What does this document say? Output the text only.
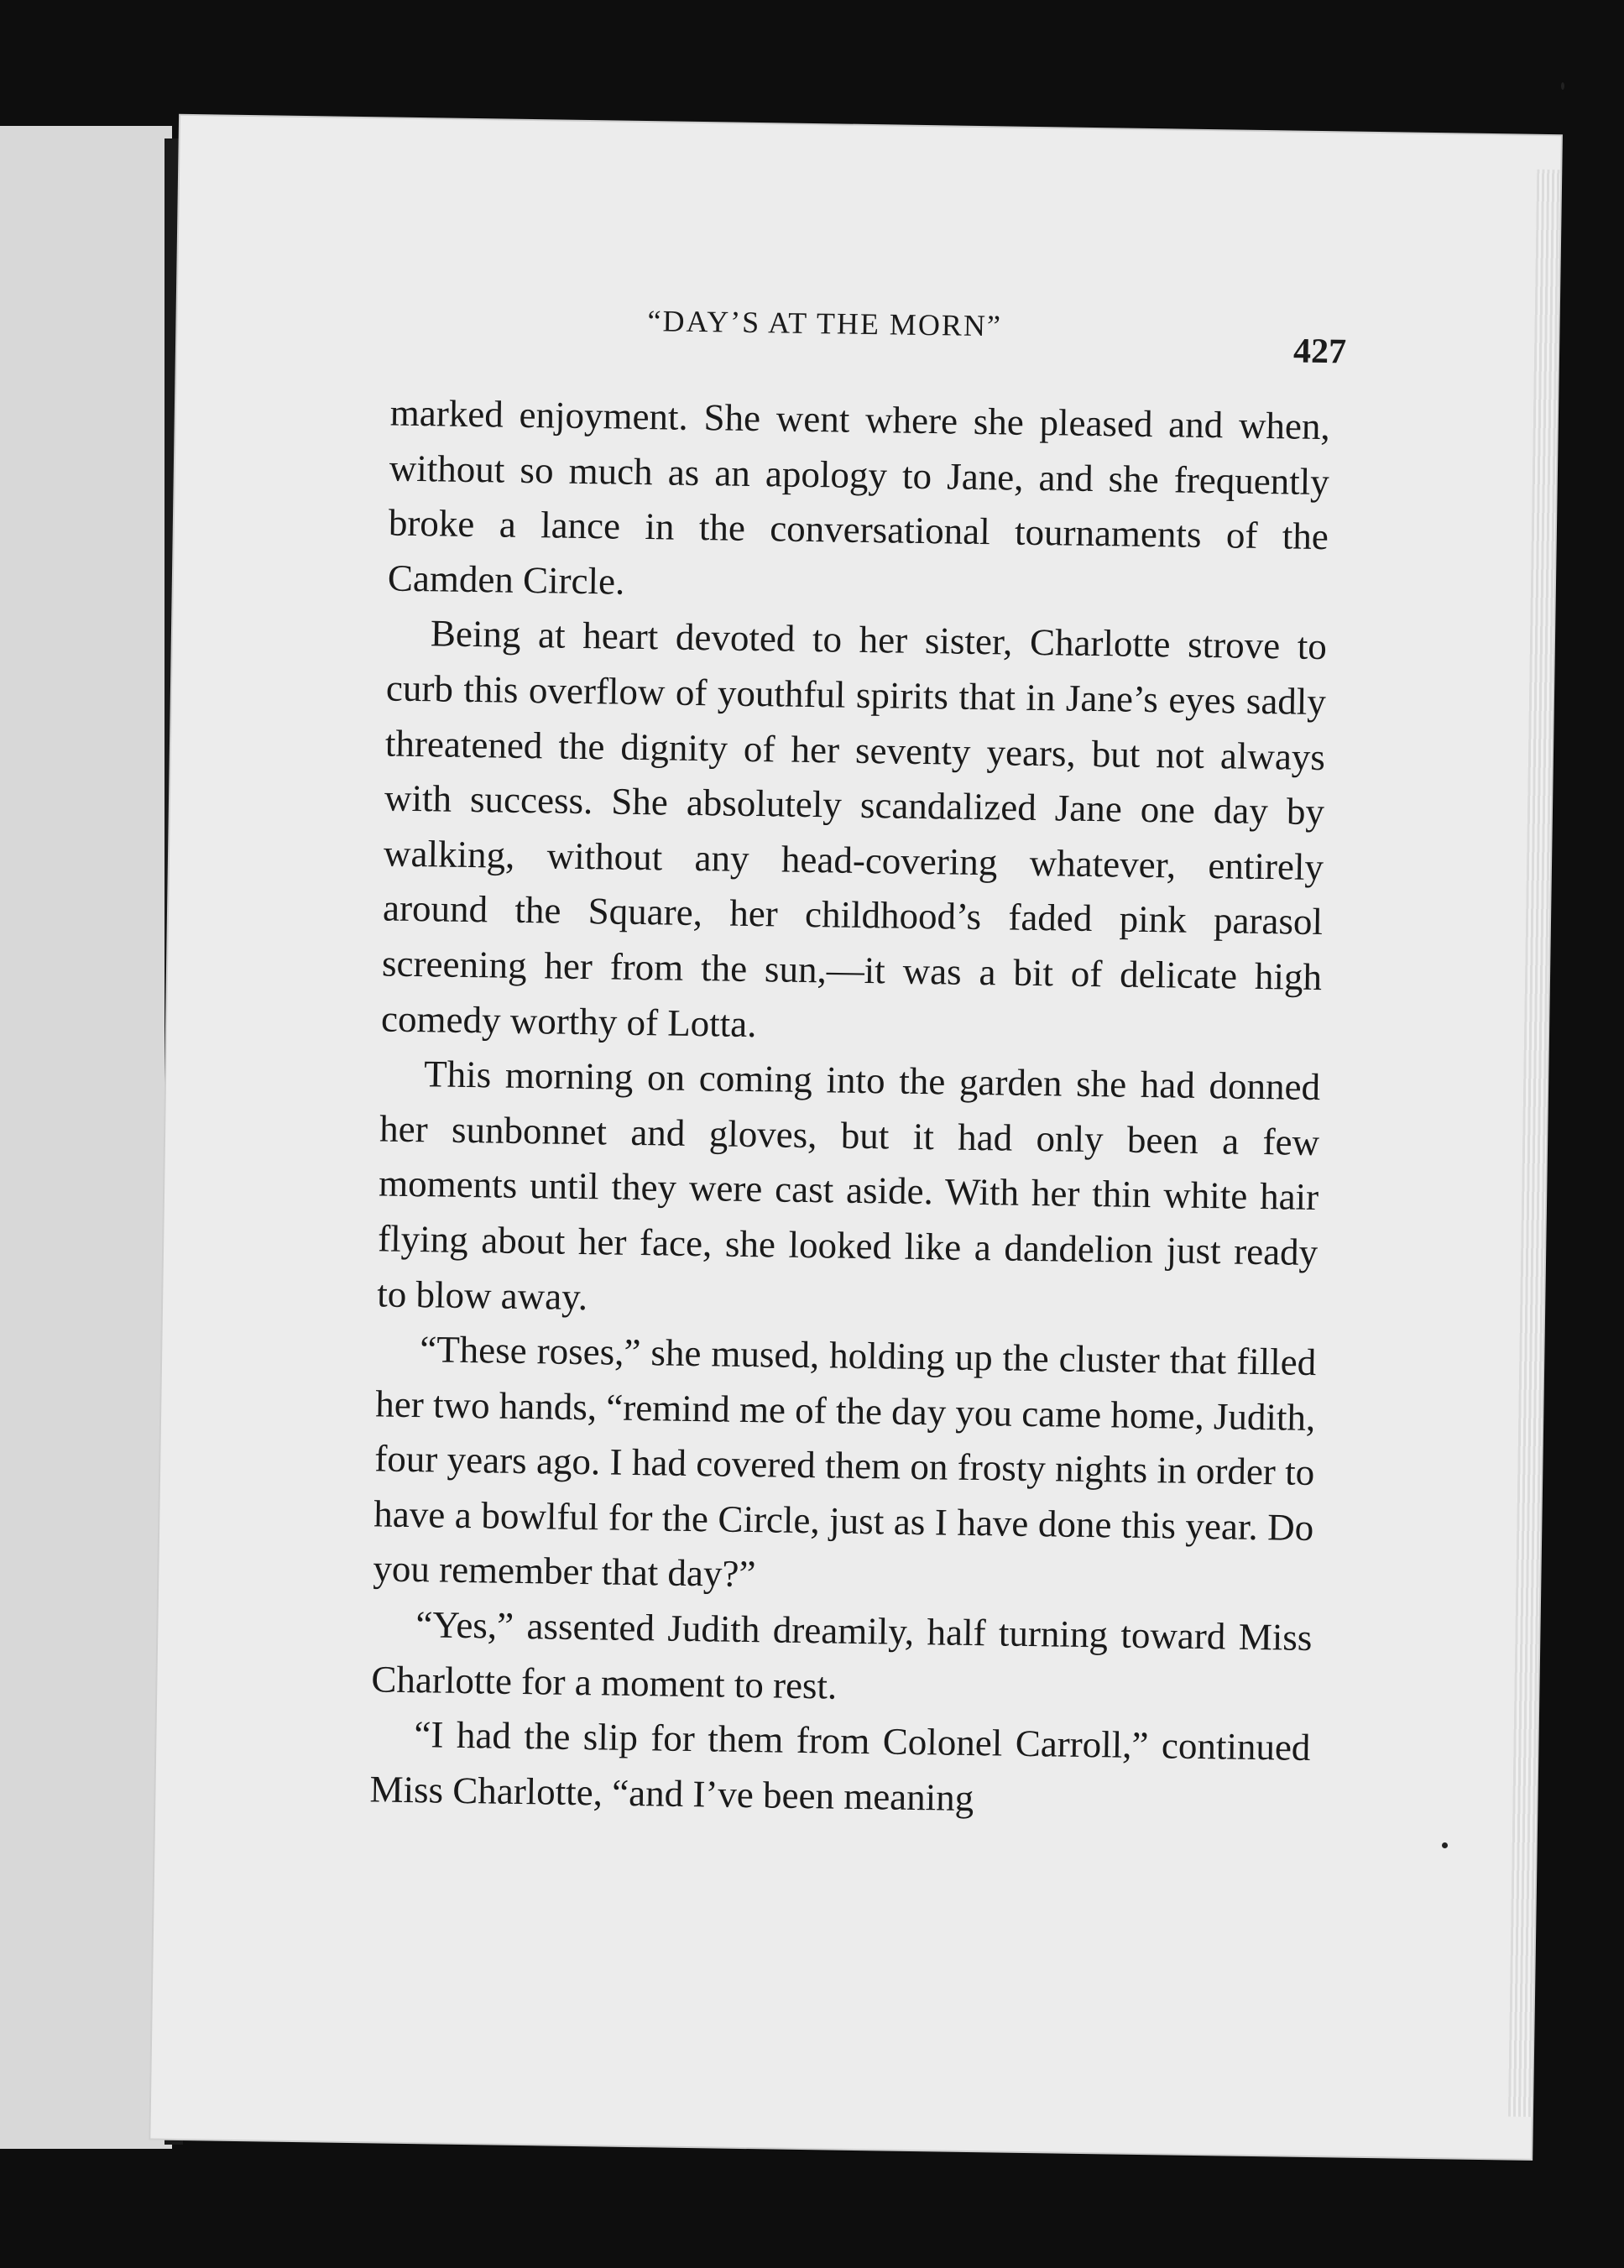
“DAY’S AT THE MORN”
427

marked enjoyment. She went where she pleased and when, without so much as an apology to Jane, and she frequently broke a lance in the conversational tournaments of the Camden Circle.

Being at heart devoted to her sister, Charlotte strove to curb this overflow of youthful spirits that in Jane’s eyes sadly threatened the dignity of her seventy years, but not always with success. She absolutely scandalized Jane one day by walking, without any head-covering whatever, entirely around the Square, her childhood’s faded pink parasol screening her from the sun,—it was a bit of delicate high comedy worthy of Lotta.

This morning on coming into the garden she had donned her sunbonnet and gloves, but it had only been a few moments until they were cast aside. With her thin white hair flying about her face, she looked like a dandelion just ready to blow away.

“These roses,” she mused, holding up the cluster that filled her two hands, “remind me of the day you came home, Judith, four years ago. I had covered them on frosty nights in order to have a bowlful for the Circle, just as I have done this year. Do you remember that day?”

“Yes,” assented Judith dreamily, half turning toward Miss Charlotte for a moment to rest.

“I had the slip for them from Colonel Carroll,” continued Miss Charlotte, “and I’ve been meaning
